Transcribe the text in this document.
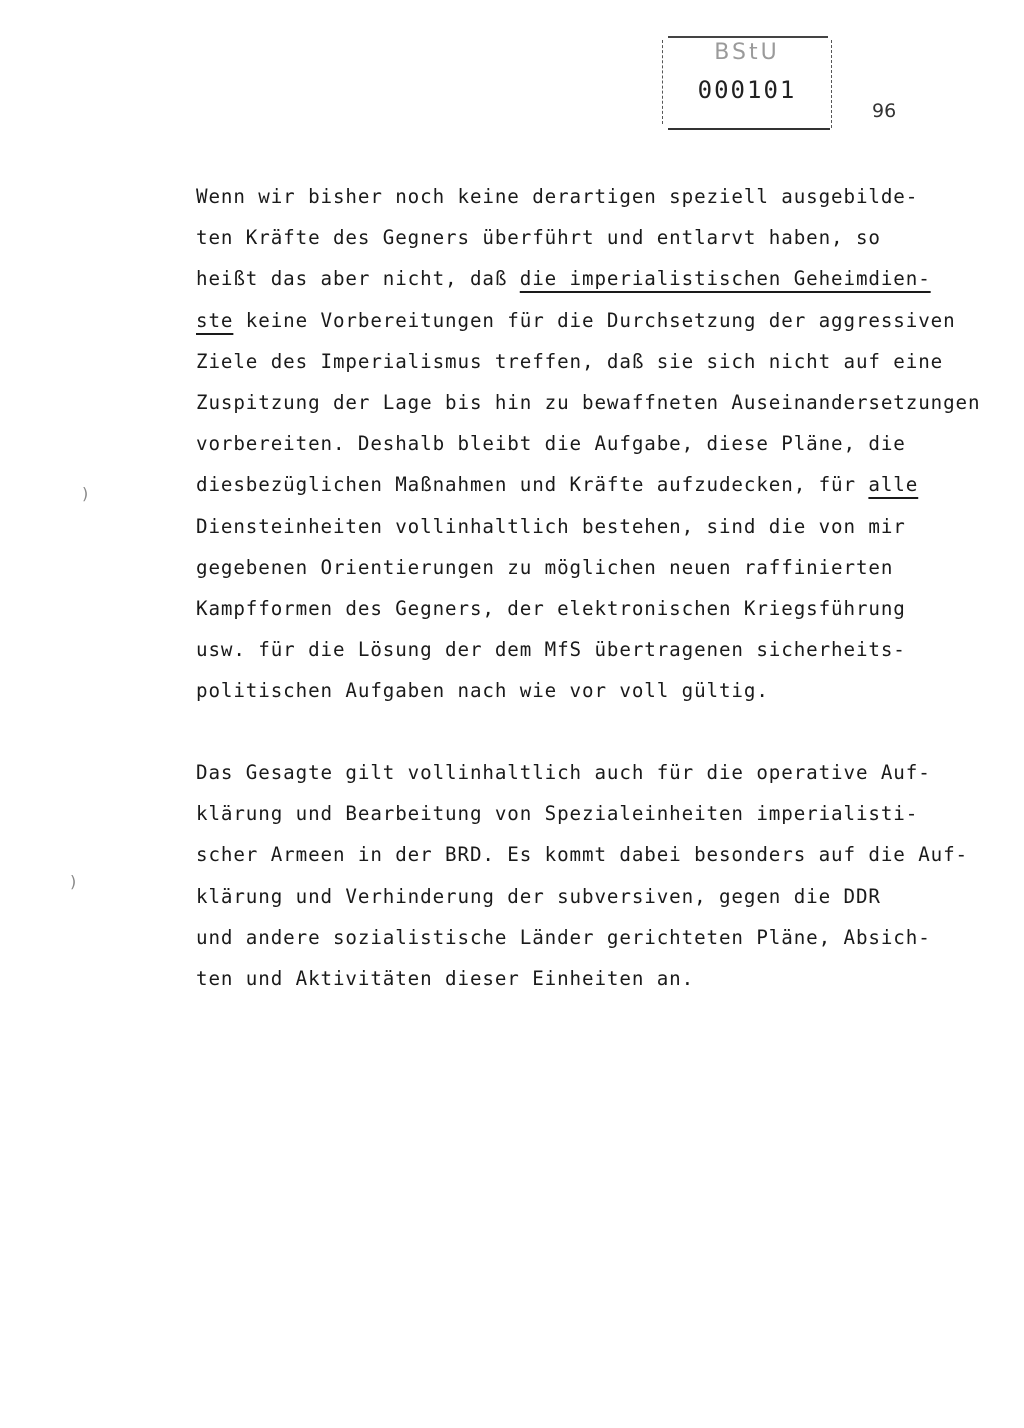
BStU
000101
96
Wenn wir bisher noch keine derartigen speziell ausgebilde-
ten Kräfte des Gegners überführt und entlarvt haben, so
heißt das aber nicht, daß die imperialistischen Geheimdien-
ste keine Vorbereitungen für die Durchsetzung der aggressiven
Ziele des Imperialismus treffen, daß sie sich nicht auf eine
Zuspitzung der Lage bis hin zu bewaffneten Auseinandersetzungen
vorbereiten. Deshalb bleibt die Aufgabe, diese Pläne, die
diesbezüglichen Maßnahmen und Kräfte aufzudecken, für alle
Diensteinheiten vollinhaltlich bestehen, sind die von mir
gegebenen Orientierungen zu möglichen neuen raffinierten
Kampfformen des Gegners, der elektronischen Kriegsführung
usw. für die Lösung der dem MfS übertragenen sicherheits-
politischen Aufgaben nach wie vor voll gültig.
Das Gesagte gilt vollinhaltlich auch für die operative Auf-
klärung und Bearbeitung von Spezialeinheiten imperialisti-
scher Armeen in der BRD. Es kommt dabei besonders auf die Auf-
klärung und Verhinderung der subversiven, gegen die DDR
und andere sozialistische Länder gerichteten Pläne, Absich-
ten und Aktivitäten dieser Einheiten an.
)
)
